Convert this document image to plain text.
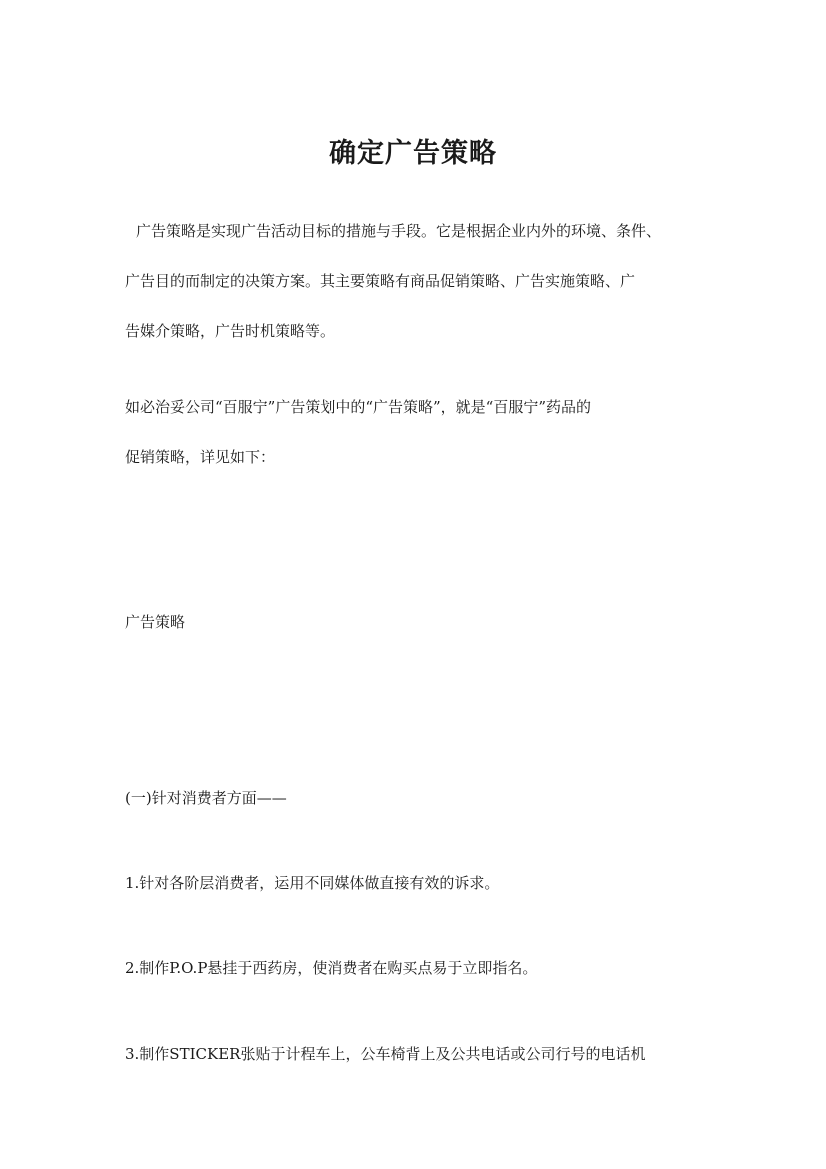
确定广告策略

广告策略是实现广告活动目标的措施与手段。它是根据企业内外的环境、条件、
广告目的而制定的决策方案。其主要策略有商品促销策略、广告实施策略、广
告媒介策略，广告时机策略等。

如必治妥公司“百服宁”广告策划中的“广告策略”，就是“百服宁”药品的
促销策略，详见如下：

广告策略

(一)针对消费者方面——

1.针对各阶层消费者，运用不同媒体做直接有效的诉求。

2.制作P.O.P悬挂于西药房，使消费者在购买点易于立即指名。

3.制作STICKER张贴于计程车上，公车椅背上及公共电话或公司行号的电话机
